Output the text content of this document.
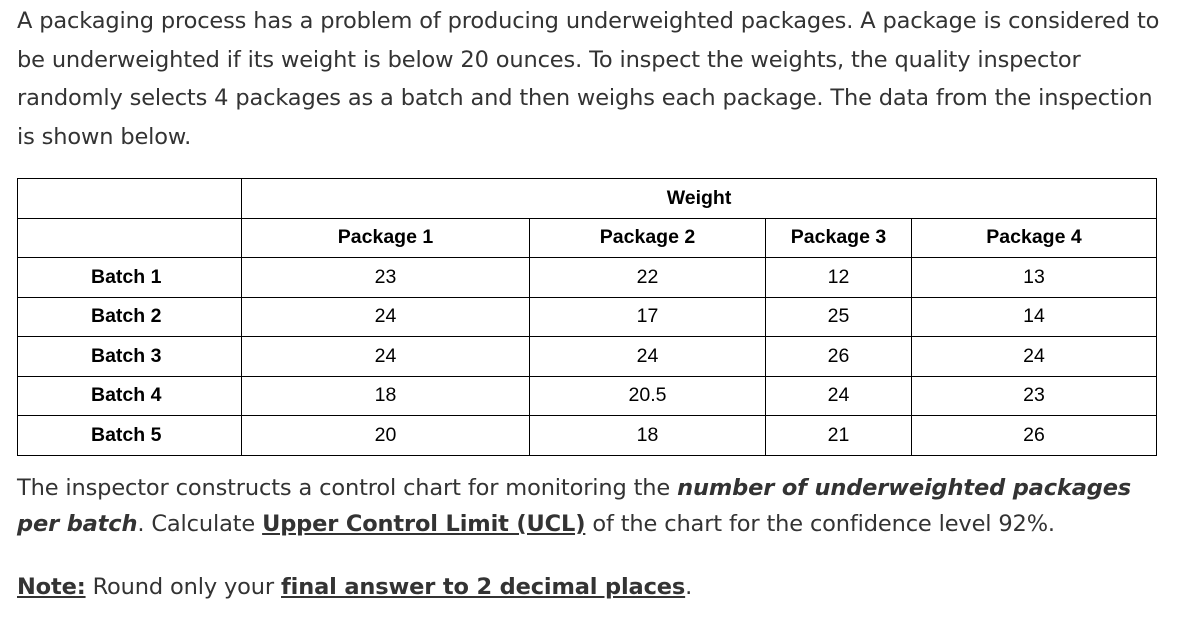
A packaging process has a problem of producing underweighted packages. A package is considered to be underweighted if its weight is below 20 ounces. To inspect the weights, the quality inspector randomly selects 4 packages as a batch and then weighs each package. The data from the inspection is shown below.

	Weight			
	Package 1	Package 2	Package 3	Package 4
Batch 1	23	22	12	13
Batch 2	24	17	25	14
Batch 3	24	24	26	24
Batch 4	18	20.5	24	23
Batch 5	20	18	21	26

The inspector constructs a control chart for monitoring the number of underweighted packages per batch. Calculate Upper Control Limit (UCL) of the chart for the confidence level 92%.

Note: Round only your final answer to 2 decimal places.
